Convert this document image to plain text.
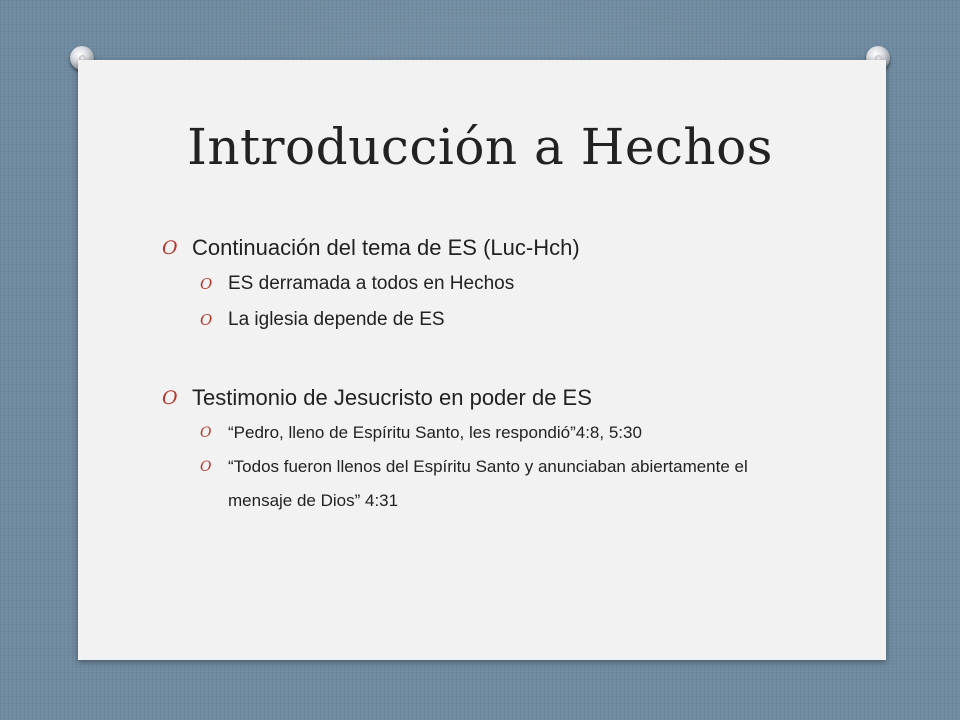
Introducción a Hechos
O Continuación del tema de ES (Luc-Hch)
O ES derramada a todos en Hechos
O La iglesia depende de ES
O Testimonio de Jesucristo en poder de ES
O “Pedro, lleno de Espíritu Santo, les respondió”4:8, 5:30
O “Todos fueron llenos del Espíritu Santo y anunciaban abiertamente el mensaje de Dios” 4:31
